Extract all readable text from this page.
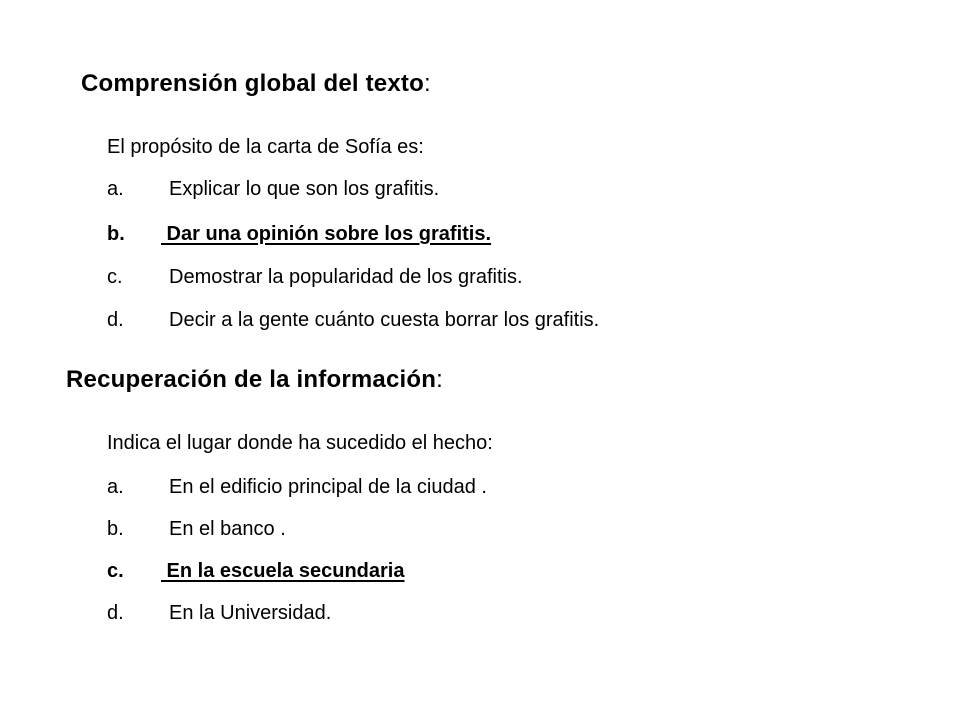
Comprensión global del texto:
El propósito de la carta de Sofía es:
a. Explicar lo que son los grafitis.
b. Dar una opinión sobre los grafitis.
c. Demostrar la popularidad de los grafitis.
d. Decir a la gente cuánto cuesta borrar los grafitis.
Recuperación de la información:
Indica el lugar donde ha sucedido el hecho:
a. En el edificio principal de la ciudad .
b. En el banco .
c. En la escuela secundaria
d. En la Universidad.
